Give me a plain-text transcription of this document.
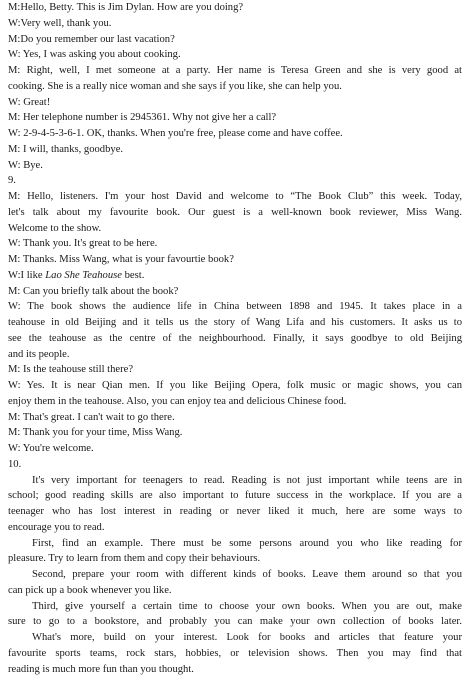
M:Hello, Betty. This is Jim Dylan. How are you doing?
W:Very well, thank you.
M:Do you remember our last vacation?
W: Yes, I was asking you about cooking.
M: Right, well, I met someone at a party. Her name is Teresa Green and she is very good at
cooking. She is a really nice woman and she says if you like, she can help you.
W: Great!
M: Her telephone number is 2945361. Why not give her a call?
W: 2-9-4-5-3-6-1. OK, thanks. When you're free, please come and have coffee.
M: I will, thanks, goodbye.
W: Bye.
9.
M: Hello, listeners. I'm your host David and welcome to “The Book Club” this week. Today,
let's talk about my favourite book. Our guest is a well-known book reviewer, Miss Wang.
Welcome to the show.
W: Thank you. It's great to be here.
M: Thanks. Miss Wang, what is your favourtie book?
W:I like Lao She Teahouse best.
M: Can you briefly talk about the book?
W: The book shows the audience life in China between 1898 and 1945. It takes place in a
teahouse in old Beijing and it tells us the story of Wang Lifa and his customers. It asks us to
see the teahouse as the centre of the neighbourhood. Finally, it says goodbye to old Beijing
and its people.
M: Is the teahouse still there?
W: Yes. It is near Qian men. If you like Beijing Opera, folk music or magic shows, you can
enjoy them in the teahouse. Also, you can enjoy tea and delicious Chinese food.
M: That's great. I can't wait to go there.
M: Thank you for your time, Miss Wang.
W: You're welcome.
10.
It's very important for teenagers to read. Reading is not just important while teens are in
school; good reading skills are also important to future success in the workplace. If you are a
teenager who has lost interest in reading or never liked it much, here are some ways to
encourage you to read.
First, find an example. There must be some persons around you who like reading for
pleasure. Try to learn from them and copy their behaviours.
Second, prepare your room with different kinds of books. Leave them around so that you
can pick up a book whenever you like.
Third, give yourself a certain time to choose your own books. When you are out, make
sure to go to a bookstore, and probably you can make your own collection of books later.
What's more, build on your interest. Look for books and articles that feature your
favourite sports teams, rock stars, hobbies, or television shows. Then you may find that
reading is much more fun than you thought.
